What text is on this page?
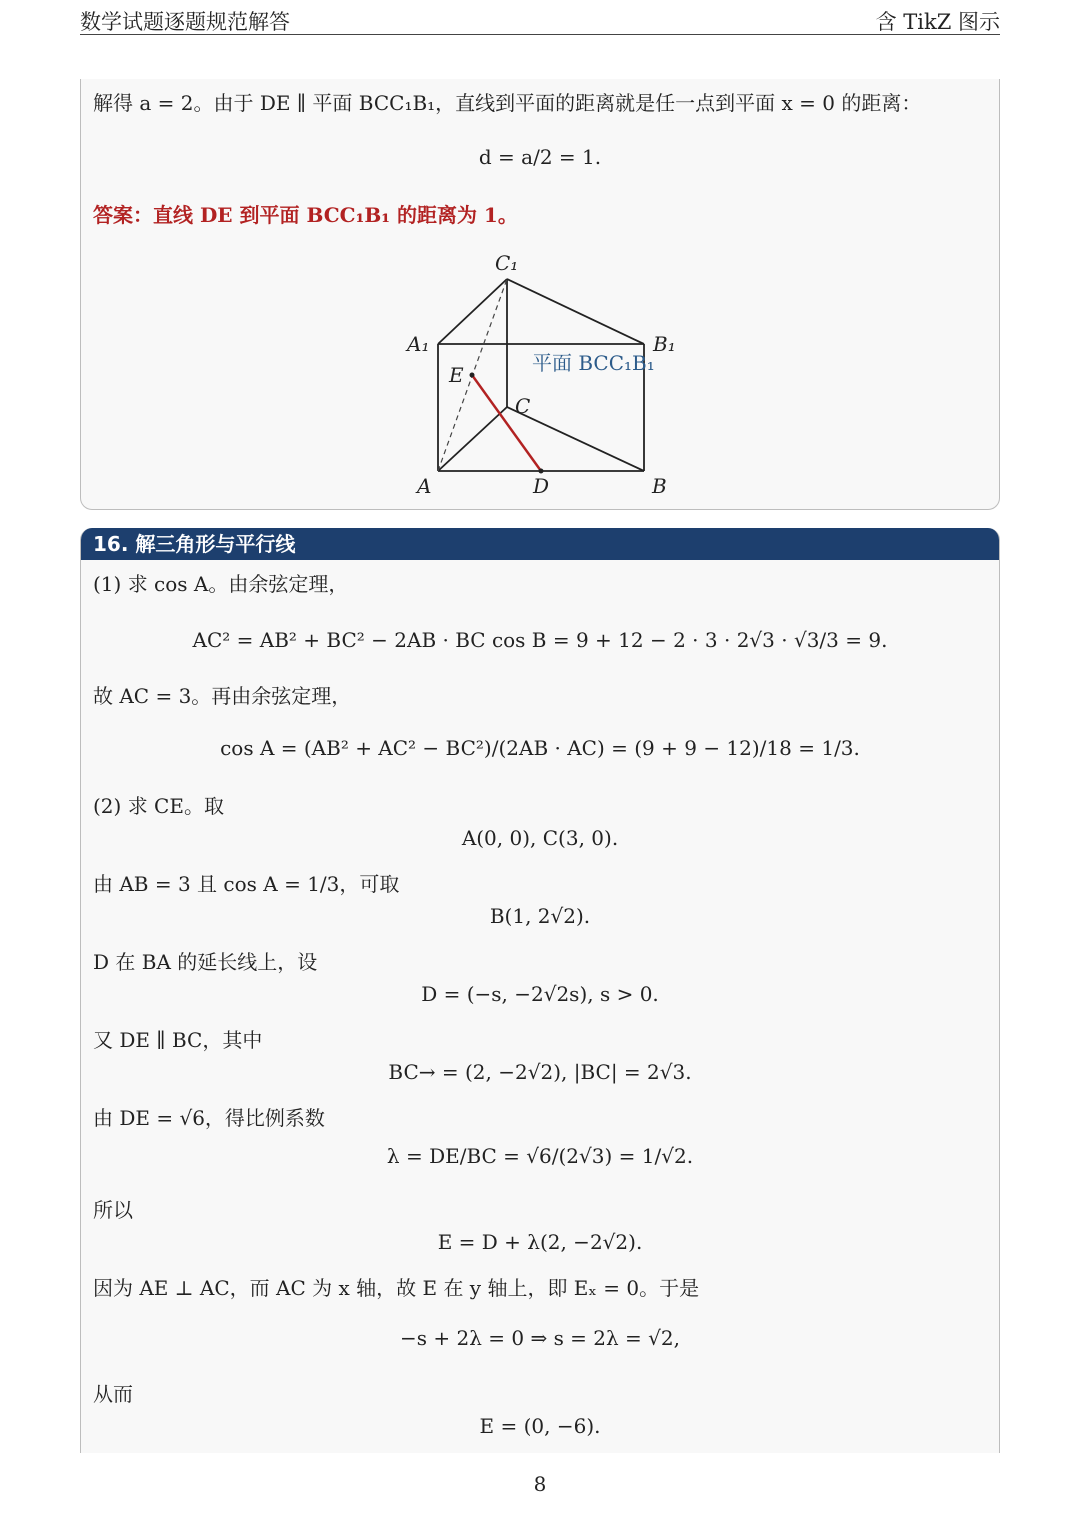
数学试题逐题规范解答	含 TikZ 图示
解得 a = 2。由于 DE ∥ 平面 BCC₁B₁，直线到平面的距离就是任一点到平面 x = 0 的距离：
d = a/2 = 1.
答案：直线 DE 到平面 BCC₁B₁ 的距离为 1。
C₁
A₁	B₁
E
C
A	D	B
平面 BCC₁B₁
16. 解三角形与平行线
(1) 求 cos A。由余弦定理，
AC² = AB² + BC² − 2AB · BC cos B = 9 + 12 − 2 · 3 · 2√3 · √3/3 = 9.
故 AC = 3。再由余弦定理，
cos A = (AB² + AC² − BC²)/(2AB · AC) = (9 + 9 − 12)/18 = 1/3.
(2) 求 CE。取
A(0, 0), C(3, 0).
由 AB = 3 且 cos A = 1/3，可取
B(1, 2√2).
D 在 BA 的延长线上，设
D = (−s, −2√2s), s > 0.
又 DE ∥ BC，其中
BC→ = (2, −2√2), |BC| = 2√3.
由 DE = √6，得比例系数
λ = DE/BC = √6/(2√3) = 1/√2.
所以
E = D + λ(2, −2√2).
因为 AE ⊥ AC，而 AC 为 x 轴，故 E 在 y 轴上，即 Eₓ = 0。于是
−s + 2λ = 0 ⇒ s = 2λ = √2,
从而
E = (0, −6).
8
